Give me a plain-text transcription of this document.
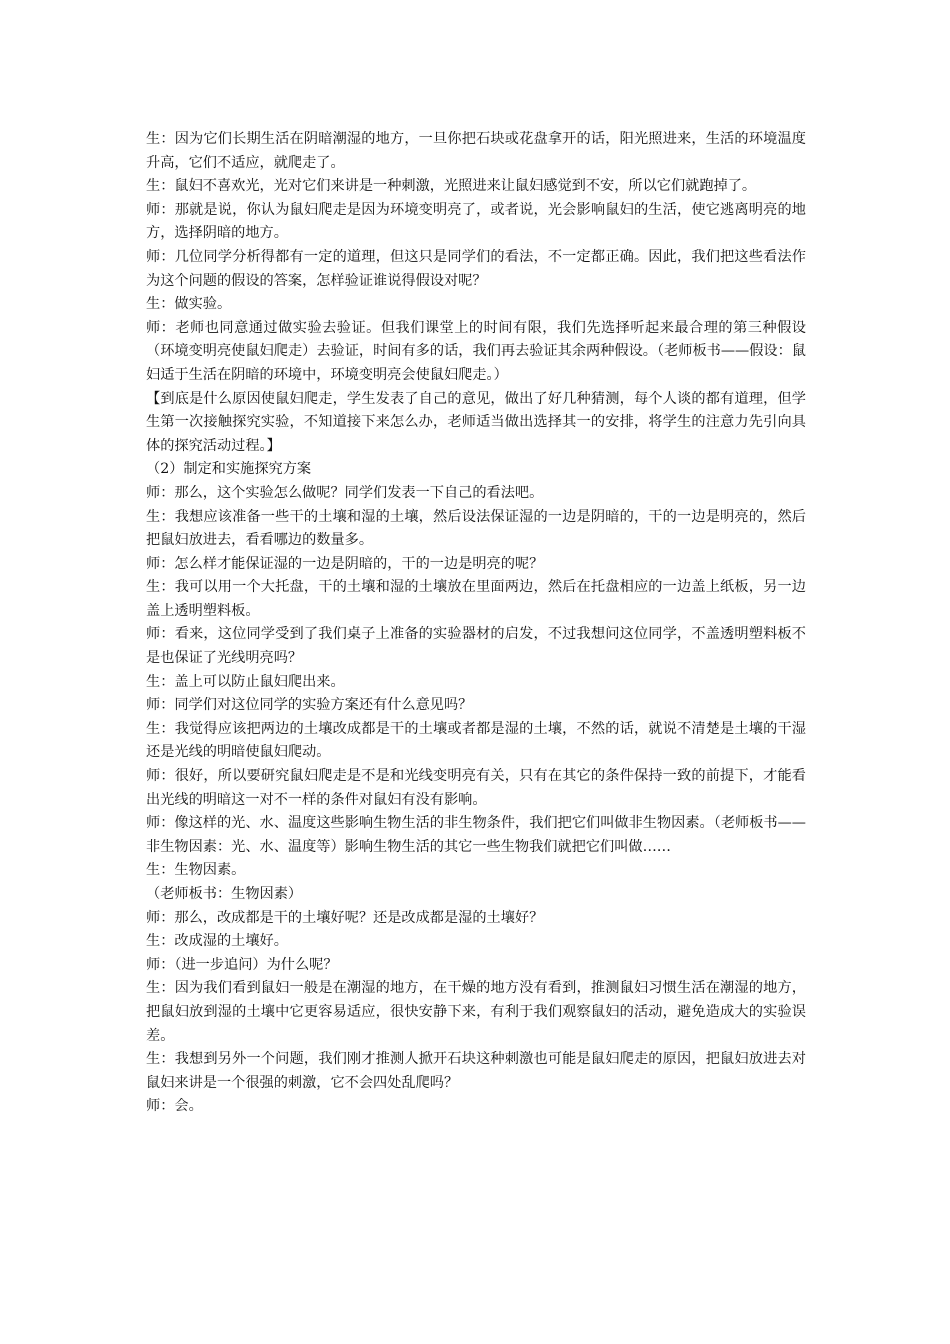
生：因为它们长期生活在阴暗潮湿的地方，一旦你把石块或花盘拿开的话，阳光照进来，生活的环境温度升高，它们不适应，就爬走了。

生：鼠妇不喜欢光，光对它们来讲是一种刺激，光照进来让鼠妇感觉到不安，所以它们就跑掉了。

师：那就是说，你认为鼠妇爬走是因为环境变明亮了，或者说，光会影响鼠妇的生活，使它逃离明亮的地方，选择阴暗的地方。

师：几位同学分析得都有一定的道理，但这只是同学们的看法，不一定都正确。因此，我们把这些看法作为这个问题的假设的答案，怎样验证谁说得假设对呢？

生：做实验。

师：老师也同意通过做实验去验证。但我们课堂上的时间有限，我们先选择听起来最合理的第三种假设（环境变明亮使鼠妇爬走）去验证，时间有多的话，我们再去验证其余两种假设。（老师板书——假设：鼠妇适于生活在阴暗的环境中，环境变明亮会使鼠妇爬走。）

【到底是什么原因使鼠妇爬走，学生发表了自己的意见，做出了好几种猜测，每个人谈的都有道理，但学生第一次接触探究实验，不知道接下来怎么办，老师适当做出选择其一的安排，将学生的注意力先引向具体的探究活动过程。】

（2）制定和实施探究方案

师：那么，这个实验怎么做呢？同学们发表一下自己的看法吧。

生：我想应该准备一些干的土壤和湿的土壤，然后设法保证湿的一边是阴暗的，干的一边是明亮的，然后把鼠妇放进去，看看哪边的数量多。

师：怎么样才能保证湿的一边是阴暗的，干的一边是明亮的呢？

生：我可以用一个大托盘，干的土壤和湿的土壤放在里面两边，然后在托盘相应的一边盖上纸板，另一边盖上透明塑料板。

师：看来，这位同学受到了我们桌子上准备的实验器材的启发，不过我想问这位同学，不盖透明塑料板不是也保证了光线明亮吗？

生：盖上可以防止鼠妇爬出来。

师：同学们对这位同学的实验方案还有什么意见吗？

生：我觉得应该把两边的土壤改成都是干的土壤或者都是湿的土壤，不然的话，就说不清楚是土壤的干湿还是光线的明暗使鼠妇爬动。

师：很好，所以要研究鼠妇爬走是不是和光线变明亮有关，只有在其它的条件保持一致的前提下，才能看出光线的明暗这一对不一样的条件对鼠妇有没有影响。

师：像这样的光、水、温度这些影响生物生活的非生物条件，我们把它们叫做非生物因素。（老师板书——非生物因素：光、水、温度等）影响生物生活的其它一些生物我们就把它们叫做……

生：生物因素。

（老师板书：生物因素）

师：那么，改成都是干的土壤好呢？还是改成都是湿的土壤好？

生：改成湿的土壤好。

师：（进一步追问）为什么呢？

生：因为我们看到鼠妇一般是在潮湿的地方，在干燥的地方没有看到，推测鼠妇习惯生活在潮湿的地方，把鼠妇放到湿的土壤中它更容易适应，很快安静下来，有利于我们观察鼠妇的活动，避免造成大的实验误差。

生：我想到另外一个问题，我们刚才推测人掀开石块这种刺激也可能是鼠妇爬走的原因，把鼠妇放进去对鼠妇来讲是一个很强的刺激，它不会四处乱爬吗？

师：会。
